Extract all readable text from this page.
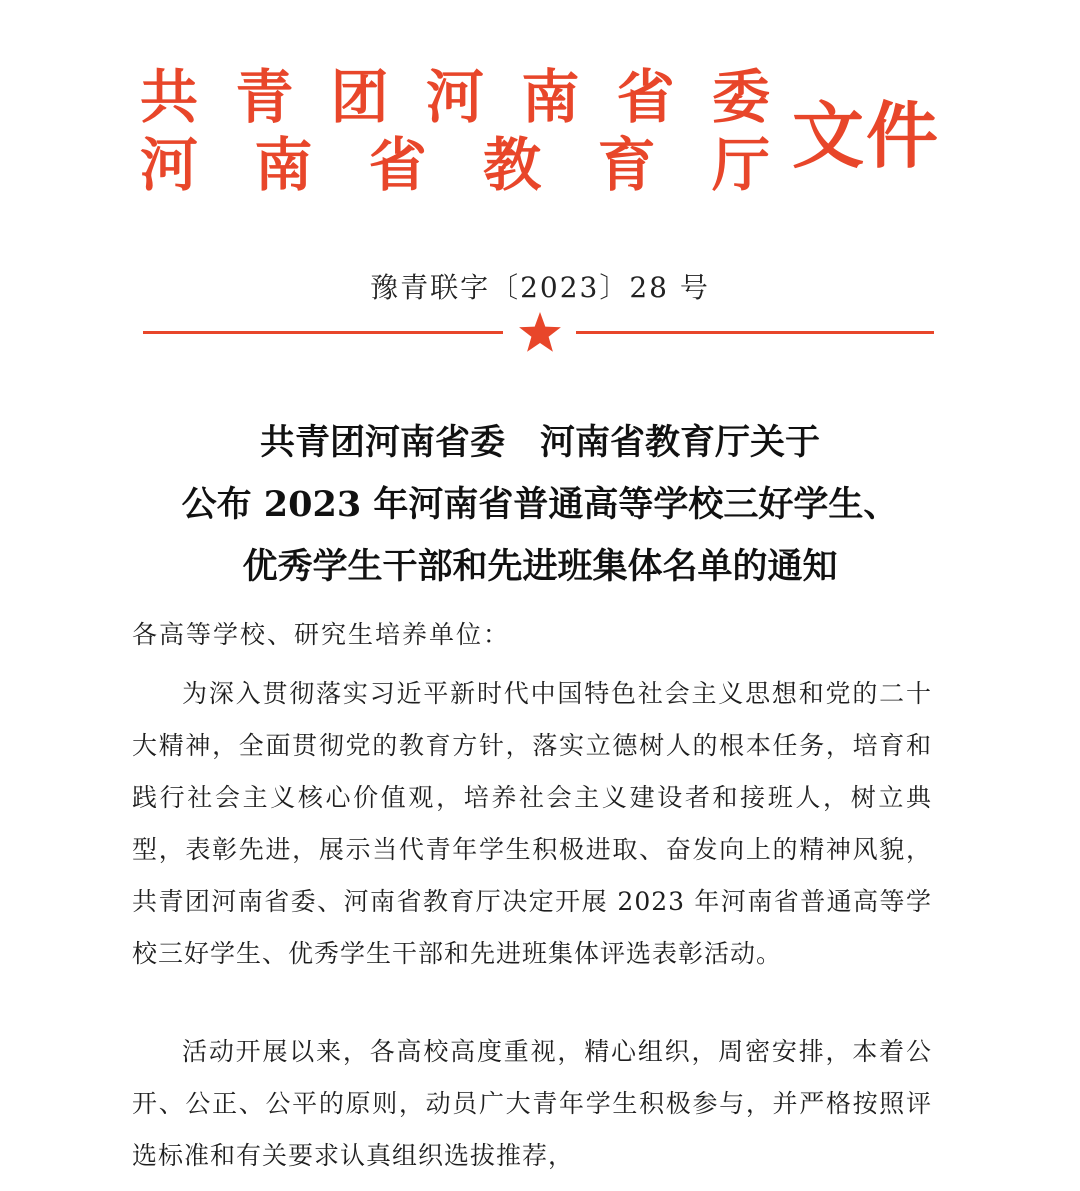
共 青 团 河 南 省 委
河 南 省 教 育 厅 文件
豫青联字〔2023〕28 号
共青团河南省委　河南省教育厅关于
公布 2023 年河南省普通高等学校三好学生、
优秀学生干部和先进班集体名单的通知
各高等学校、研究生培养单位：
为深入贯彻落实习近平新时代中国特色社会主义思想和党的二十大精神，全面贯彻党的教育方针，落实立德树人的根本任务，培育和践行社会主义核心价值观，培养社会主义建设者和接班人，树立典型，表彰先进，展示当代青年学生积极进取、奋发向上的精神风貌，共青团河南省委、河南省教育厅决定开展 2023 年河南省普通高等学校三好学生、优秀学生干部和先进班集体评选表彰活动。
活动开展以来，各高校高度重视，精心组织，周密安排，本着公开、公正、公平的原则，动员广大青年学生积极参与，并严格按照评选标准和有关要求认真组织选拔推荐，
